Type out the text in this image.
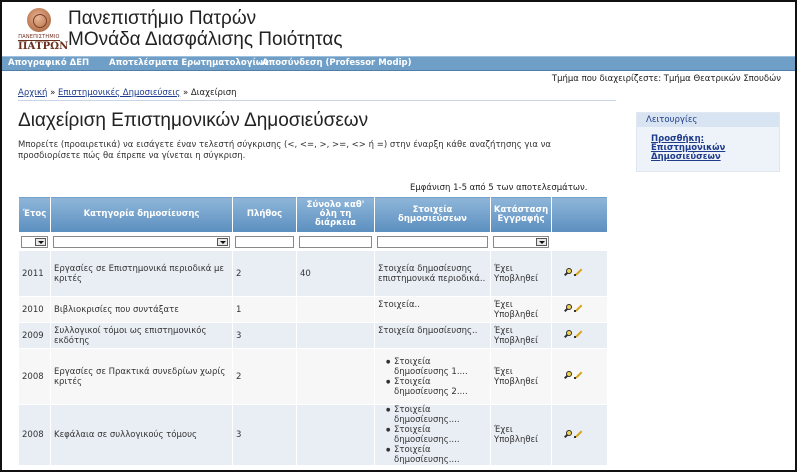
ΠΑΝΕΠΙΣΤΗΜΙΟ
ΠΑΤΡΩΝ
Πανεπιστήμιο Πατρών
ΜΟνάδα Διασφάλισης Ποιότητας
Απογραφικό ΔΕΠ Αποτελέσματα Ερωτηματολογίων
Αποσύνδεση (Professor Modip)
Τμήμα που διαχειρίζεστε: Τμήμα Θεατρικών Σπουδών
Αρχική » Επιστημονικές Δημοσιεύσεις » Διαχείριση
Διαχείριση Επιστημονικών Δημοσιεύσεων
Μπορείτε (προαιρετικά) να εισάγετε έναν τελεστή σύγκρισης (<, <=, >, >=, <> ή =) στην έναρξη κάθε αναζήτησης για να προσδιορίσετε πώς θα έπρεπε να γίνεται η σύγκριση.
Εμφάνιση 1-5 από 5 των αποτελεσμάτων.
Λειτουργίες
Προσθήκη: Επιστημονικών Δημοσιεύσεων
Έτος	Κατηγορία δημοσίευσης	Πλήθος	Σύνολο καθ' όλη τη διάρκεια	Στοιχεία δημοσιεύσεων	Κατάσταση Εγγραφής	

2011	Εργασίες σε Επιστημονικά περιοδικά με κριτές	2	40	Στοιχεία δημοσίευσης επιστημονικά περιοδικά..	Έχει Υποβληθεί	
2010	Βιβλιοκρισίες που συντάξατε	1		Στοιχεία..	Έχει Υποβληθεί	
2009	Συλλογικοί τόμοι ως επιστημονικός εκδότης	3		Στοιχεία δημοσίευσης..	Έχει Υποβληθεί	
2008	Εργασίες σε Πρακτικά συνεδρίων χωρίς κριτές	2		● Στοιχεία δημοσίευσης 1....
● Στοιχεία δημοσίευσης 2....	Έχει Υποβληθεί	
2008	Κεφάλαια σε συλλογικούς τόμους	3		● Στοιχεία δημοσίευσης....
● Στοιχεία δημοσίευσης....
● Στοιχεία δημοσίευσης....	Έχει Υποβληθεί	
